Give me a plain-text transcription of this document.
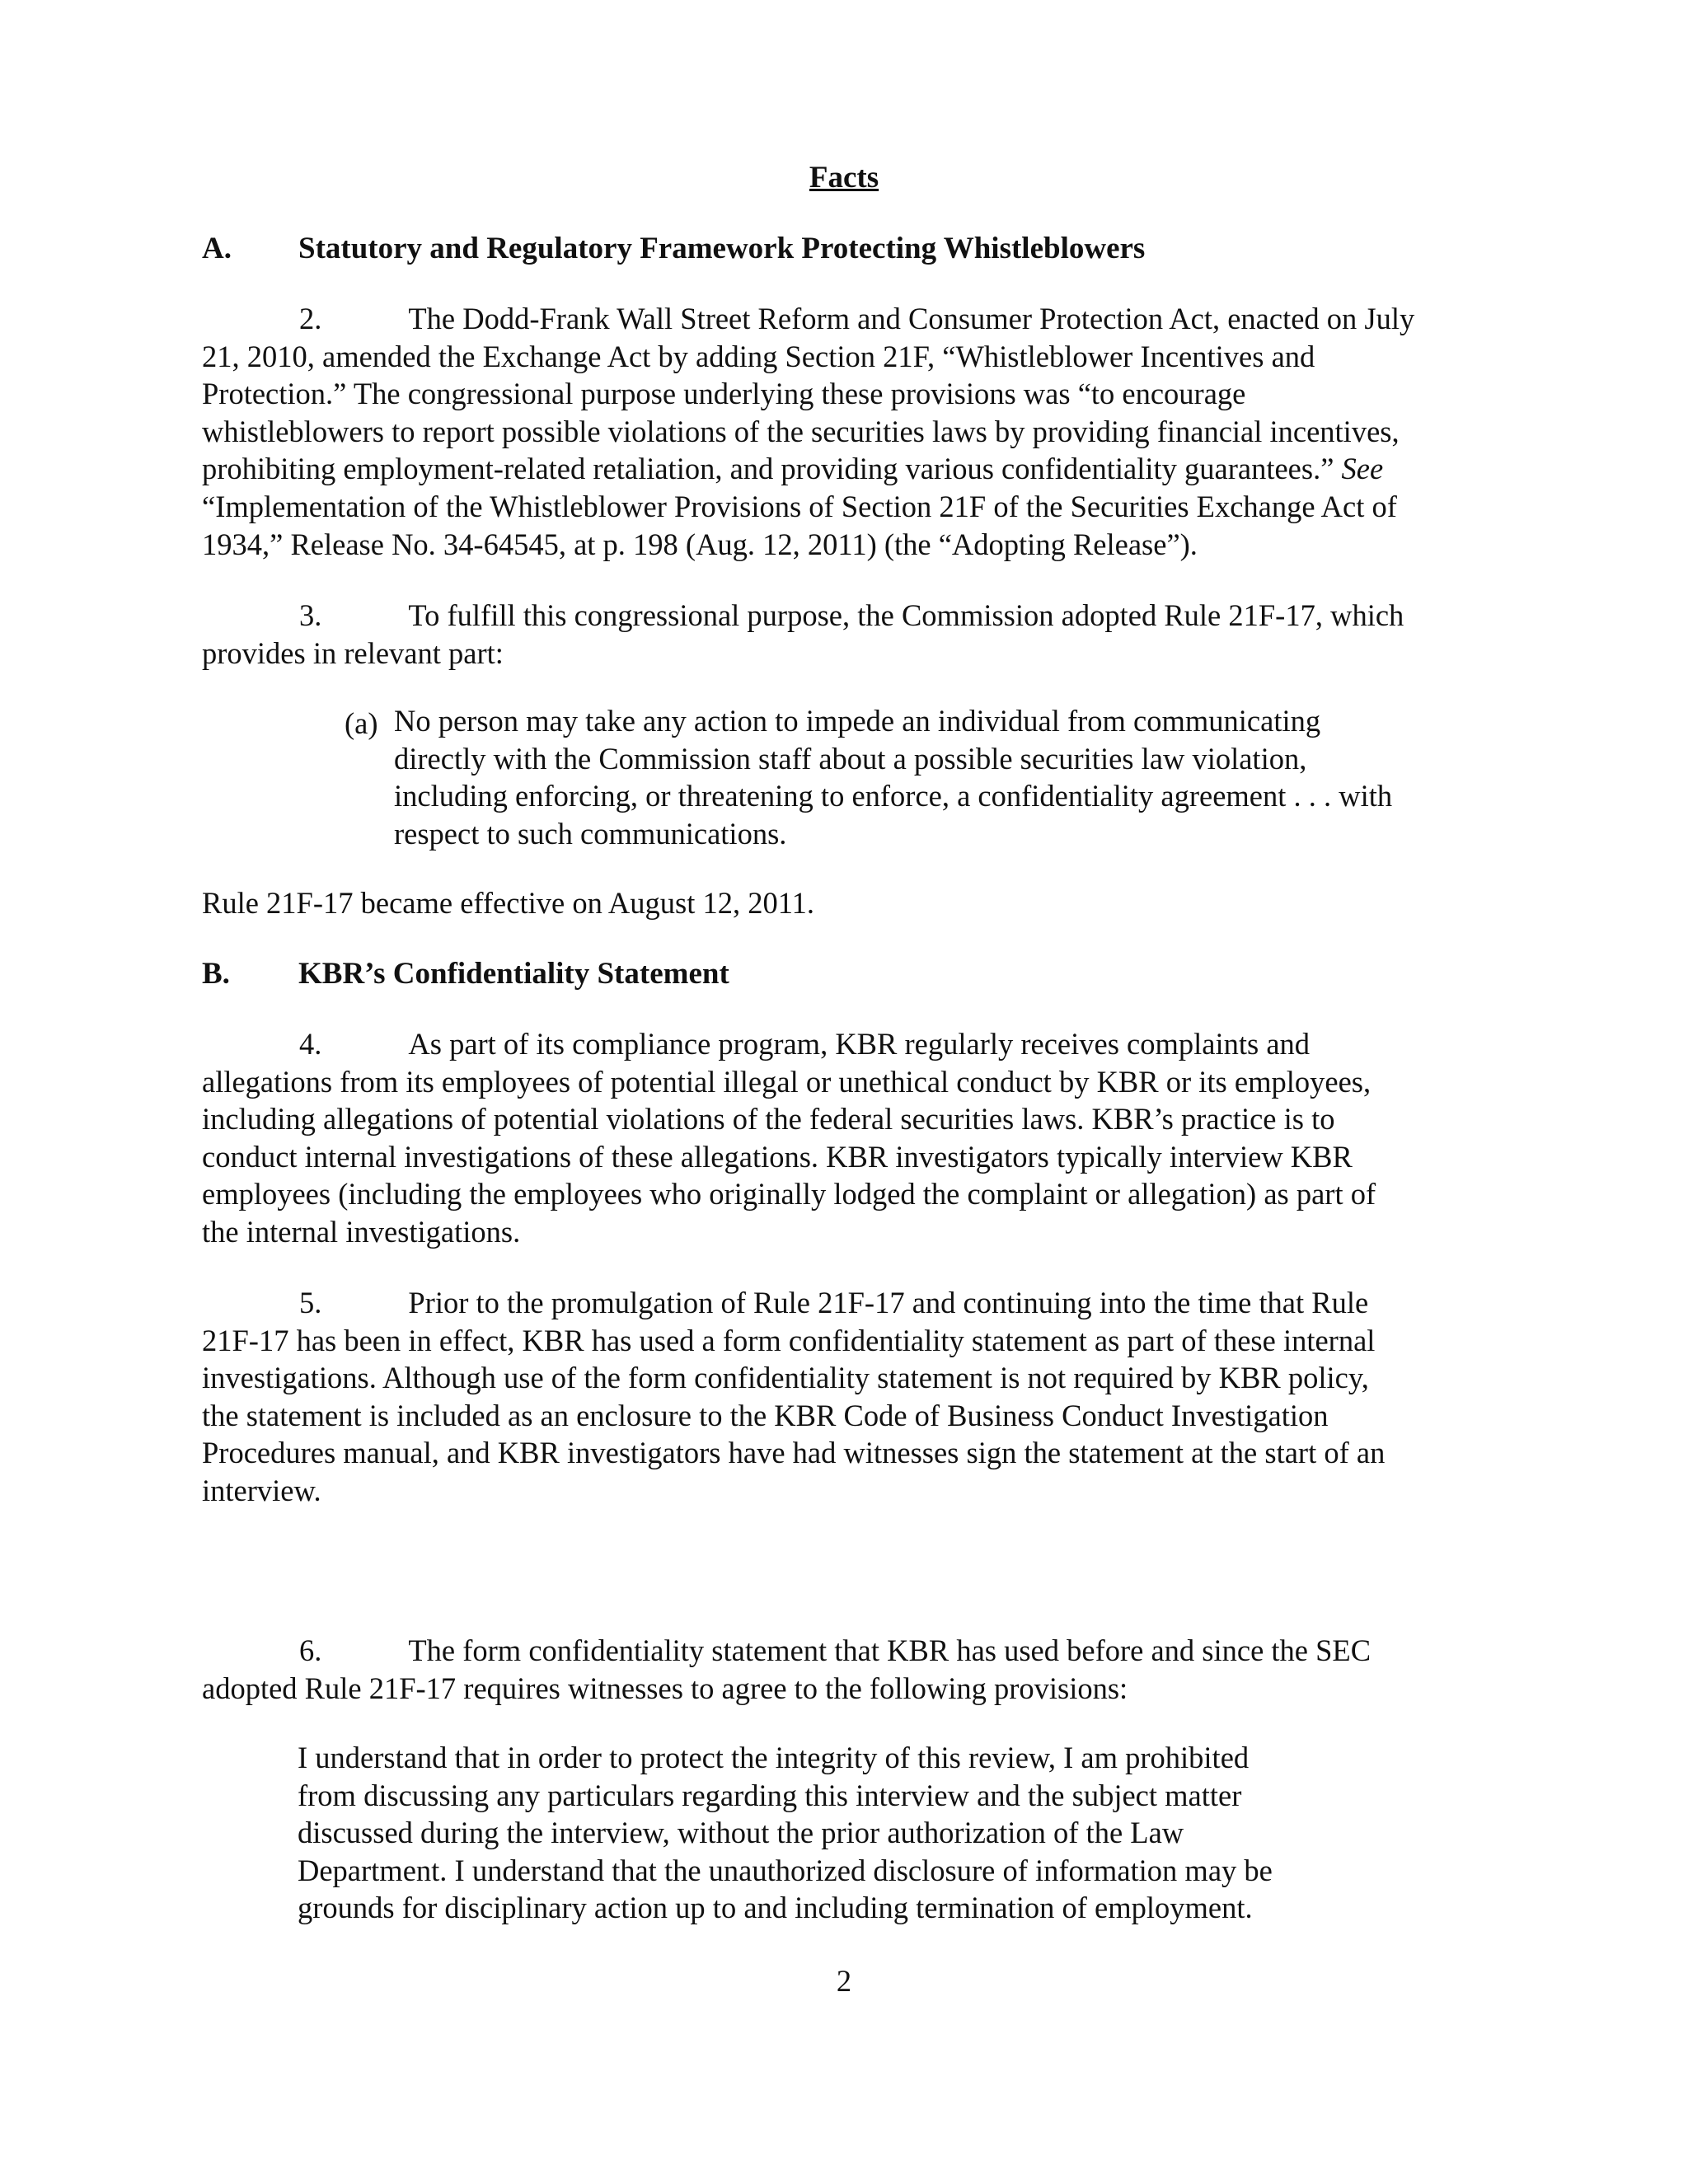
Facts
A. Statutory and Regulatory Framework Protecting Whistleblowers
2.	The Dodd-Frank Wall Street Reform and Consumer Protection Act, enacted on July
21, 2010, amended the Exchange Act by adding Section 21F, “Whistleblower Incentives and
Protection.” The congressional purpose underlying these provisions was “to encourage
whistleblowers to report possible violations of the securities laws by providing financial incentives,
prohibiting employment-related retaliation, and providing various confidentiality guarantees.” See
“Implementation of the Whistleblower Provisions of Section 21F of the Securities Exchange Act of
1934,” Release No. 34-64545, at p. 198 (Aug. 12, 2011) (the “Adopting Release”).
3.	To fulfill this congressional purpose, the Commission adopted Rule 21F-17, which
provides in relevant part:
(a) No person may take any action to impede an individual from communicating
directly with the Commission staff about a possible securities law violation,
including enforcing, or threatening to enforce, a confidentiality agreement . . . with
respect to such communications.
Rule 21F-17 became effective on August 12, 2011.
B. KBR’s Confidentiality Statement
4.	As part of its compliance program, KBR regularly receives complaints and
allegations from its employees of potential illegal or unethical conduct by KBR or its employees,
including allegations of potential violations of the federal securities laws. KBR’s practice is to
conduct internal investigations of these allegations. KBR investigators typically interview KBR
employees (including the employees who originally lodged the complaint or allegation) as part of
the internal investigations.
5.	Prior to the promulgation of Rule 21F-17 and continuing into the time that Rule
21F-17 has been in effect, KBR has used a form confidentiality statement as part of these internal
investigations. Although use of the form confidentiality statement is not required by KBR policy,
the statement is included as an enclosure to the KBR Code of Business Conduct Investigation
Procedures manual, and KBR investigators have had witnesses sign the statement at the start of an
interview.
6.	The form confidentiality statement that KBR has used before and since the SEC
adopted Rule 21F-17 requires witnesses to agree to the following provisions:
I understand that in order to protect the integrity of this review, I am prohibited
from discussing any particulars regarding this interview and the subject matter
discussed during the interview, without the prior authorization of the Law
Department. I understand that the unauthorized disclosure of information may be
grounds for disciplinary action up to and including termination of employment.
2
